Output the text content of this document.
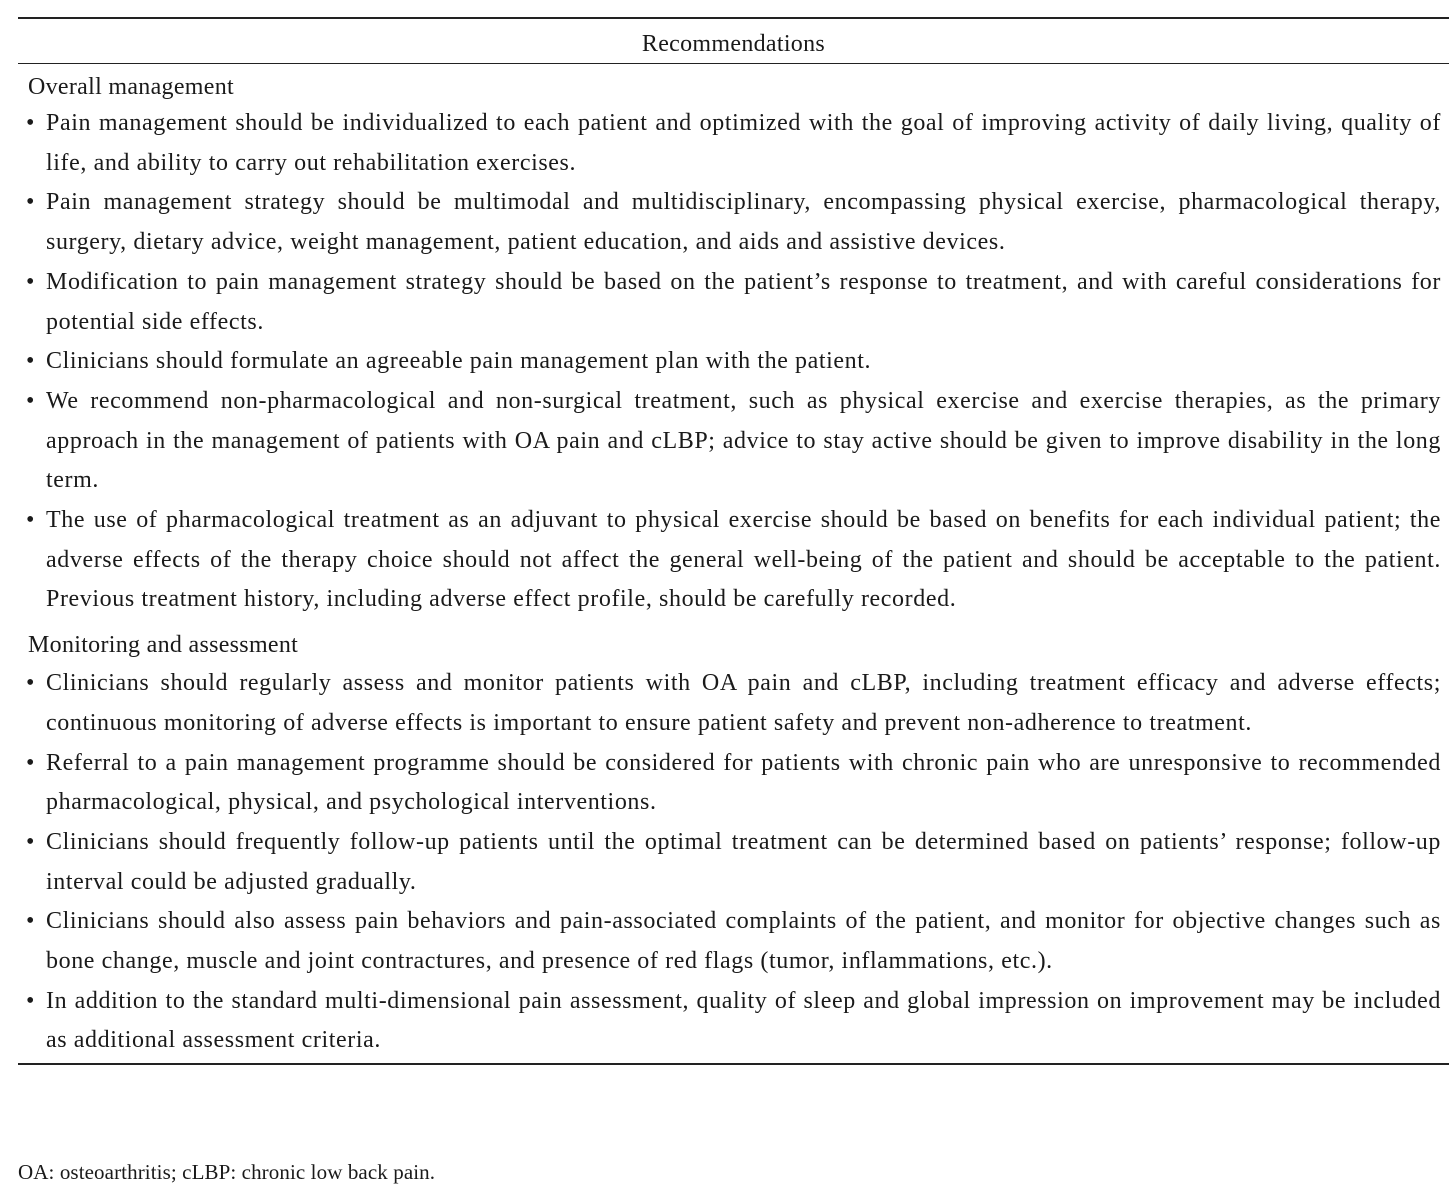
Recommendations
Overall management
• Pain management should be individualized to each patient and optimized with the goal of improving activity of daily living, quality of life, and ability to carry out rehabilitation exercises.
• Pain management strategy should be multimodal and multidisciplinary, encompassing physical exercise, pharmacological therapy, surgery, dietary advice, weight management, patient education, and aids and assistive devices.
• Modification to pain management strategy should be based on the patient’s response to treatment, and with careful considerations for potential side effects.
• Clinicians should formulate an agreeable pain management plan with the patient.
• We recommend non-pharmacological and non-surgical treatment, such as physical exercise and exercise therapies, as the primary approach in the management of patients with OA pain and cLBP; advice to stay active should be given to improve disability in the long term.
• The use of pharmacological treatment as an adjuvant to physical exercise should be based on benefits for each individual patient; the adverse effects of the therapy choice should not affect the general well-being of the patient and should be acceptable to the patient. Previous treatment history, including adverse effect profile, should be carefully recorded.
Monitoring and assessment
• Clinicians should regularly assess and monitor patients with OA pain and cLBP, including treatment efficacy and adverse effects; continuous monitoring of adverse effects is important to ensure patient safety and prevent non-adherence to treatment.
• Referral to a pain management programme should be considered for patients with chronic pain who are unresponsive to recommended pharmacological, physical, and psychological interventions.
• Clinicians should frequently follow-up patients until the optimal treatment can be determined based on patients’ response; follow-up interval could be adjusted gradually.
• Clinicians should also assess pain behaviors and pain-associated complaints of the patient, and monitor for objective changes such as bone change, muscle and joint contractures, and presence of red flags (tumor, inflammations, etc.).
• In addition to the standard multi-dimensional pain assessment, quality of sleep and global impression on improvement may be included as additional assessment criteria.
OA: osteoarthritis; cLBP: chronic low back pain.
